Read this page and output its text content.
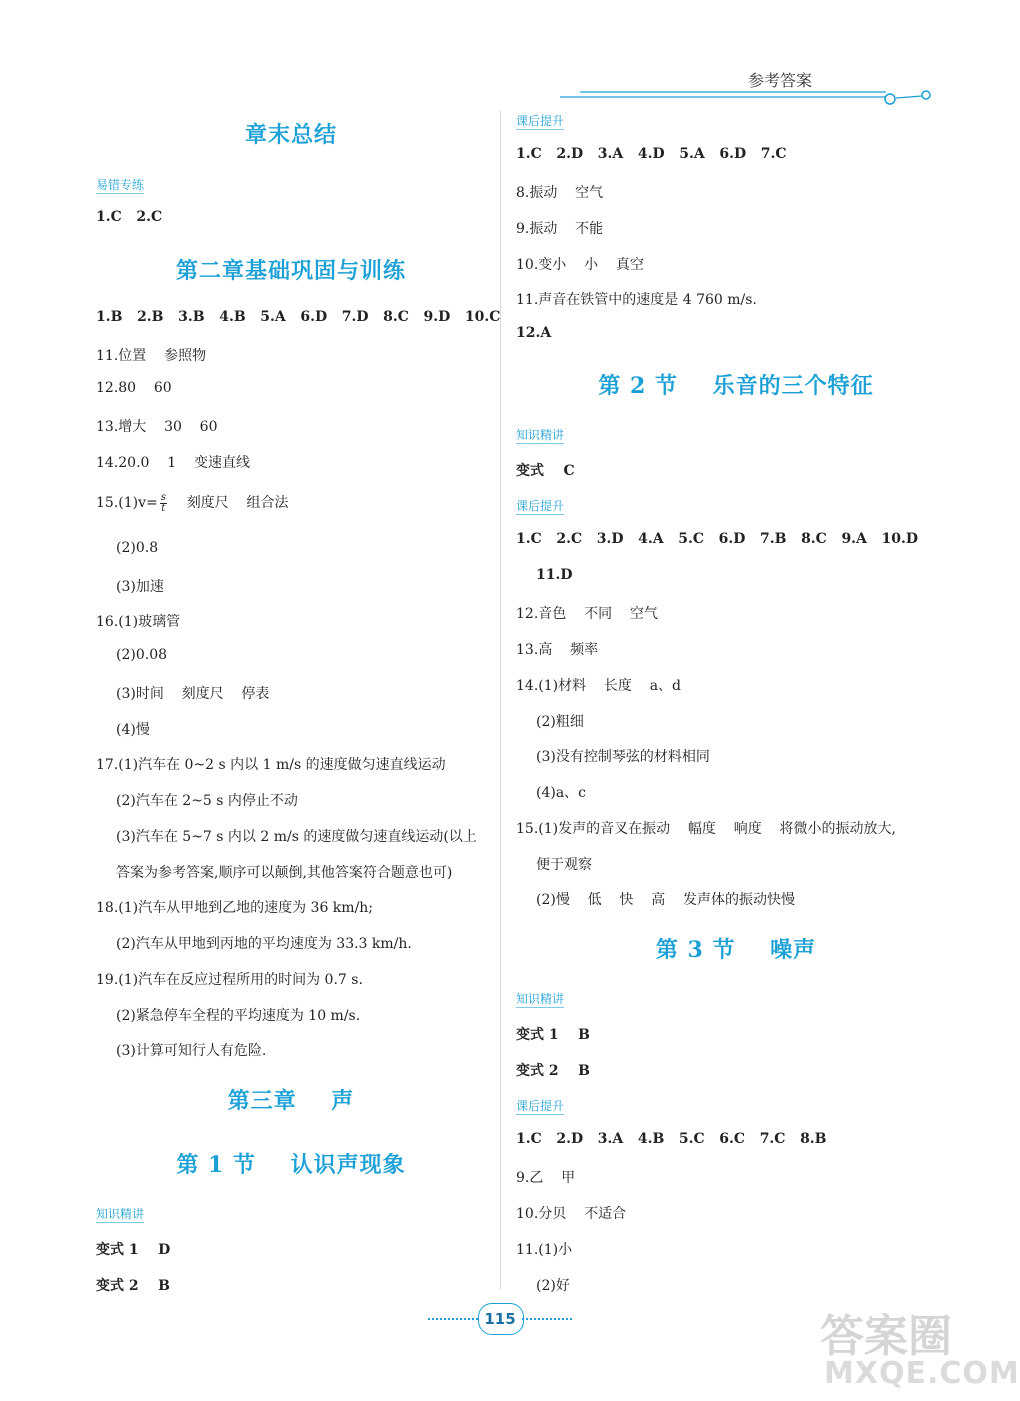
参考答案
章末总结
易错专练
1.C   2.C
第二章基础巩固与训练
1.B   2.B   3.B   4.B   5.A   6.D   7.D   8.C   9.D   10.C
11.位置    参照物
12.80    60
13.增大    30    60
14.20.0    1    变速直线
$15.(1)v= \frac{s}{t}$ 刻度尺    组合法
(2)0.8
(3)加速
16.(1)玻璃管
(2)0.08
(3)时间    刻度尺    停表
(4)慢
17.(1)汽车在 0~2 s 内以 1 m/s 的速度做匀速直线运动
(2)汽车在 2~5 s 内停止不动
(3)汽车在 5~7 s 内以 2 m/s 的速度做匀速直线运动(以上
答案为参考答案,顺序可以颠倒,其他答案符合题意也可)
18.(1)汽车从甲地到乙地的速度为 36 km/h;
(2)汽车从甲地到丙地的平均速度为 33.3 km/h.
19.(1)汽车在反应过程所用的时间为 0.7 s.
(2)紧急停车全程的平均速度为 10 m/s.
(3)计算可知行人有危险.
第三章    声
第 1 节    认识声现象
知识精讲
变式 1    D
变式 2    B
课后提升
1.C   2.D   3.A   4.D   5.A   6.D   7.C
8.振动    空气
9.振动    不能
10.变小    小    真空
11.声音在铁管中的速度是 4 760 m/s.
12.A
第 2 节    乐音的三个特征
知识精讲
变式    C
课后提升
1.C   2.C   3.D   4.A   5.C   6.D   7.B   8.C   9.A   10.D
11.D
12.音色    不同    空气
13.高    频率
14.(1)材料    长度    a、d
(2)粗细
(3)没有控制琴弦的材料相同
(4)a、c
15.(1)发声的音叉在振动    幅度    响度    将微小的振动放大,
便于观察
(2)慢    低    快    高    发声体的振动快慢
第 3 节    噪声
知识精讲
变式 1    B
变式 2    B
课后提升
1.C   2.D   3.A   4.B   5.C   6.C   7.C   8.B
9.乙    甲
10.分贝    不适合
11.(1)小
(2)好
115	答案圈
MXQE.COM
